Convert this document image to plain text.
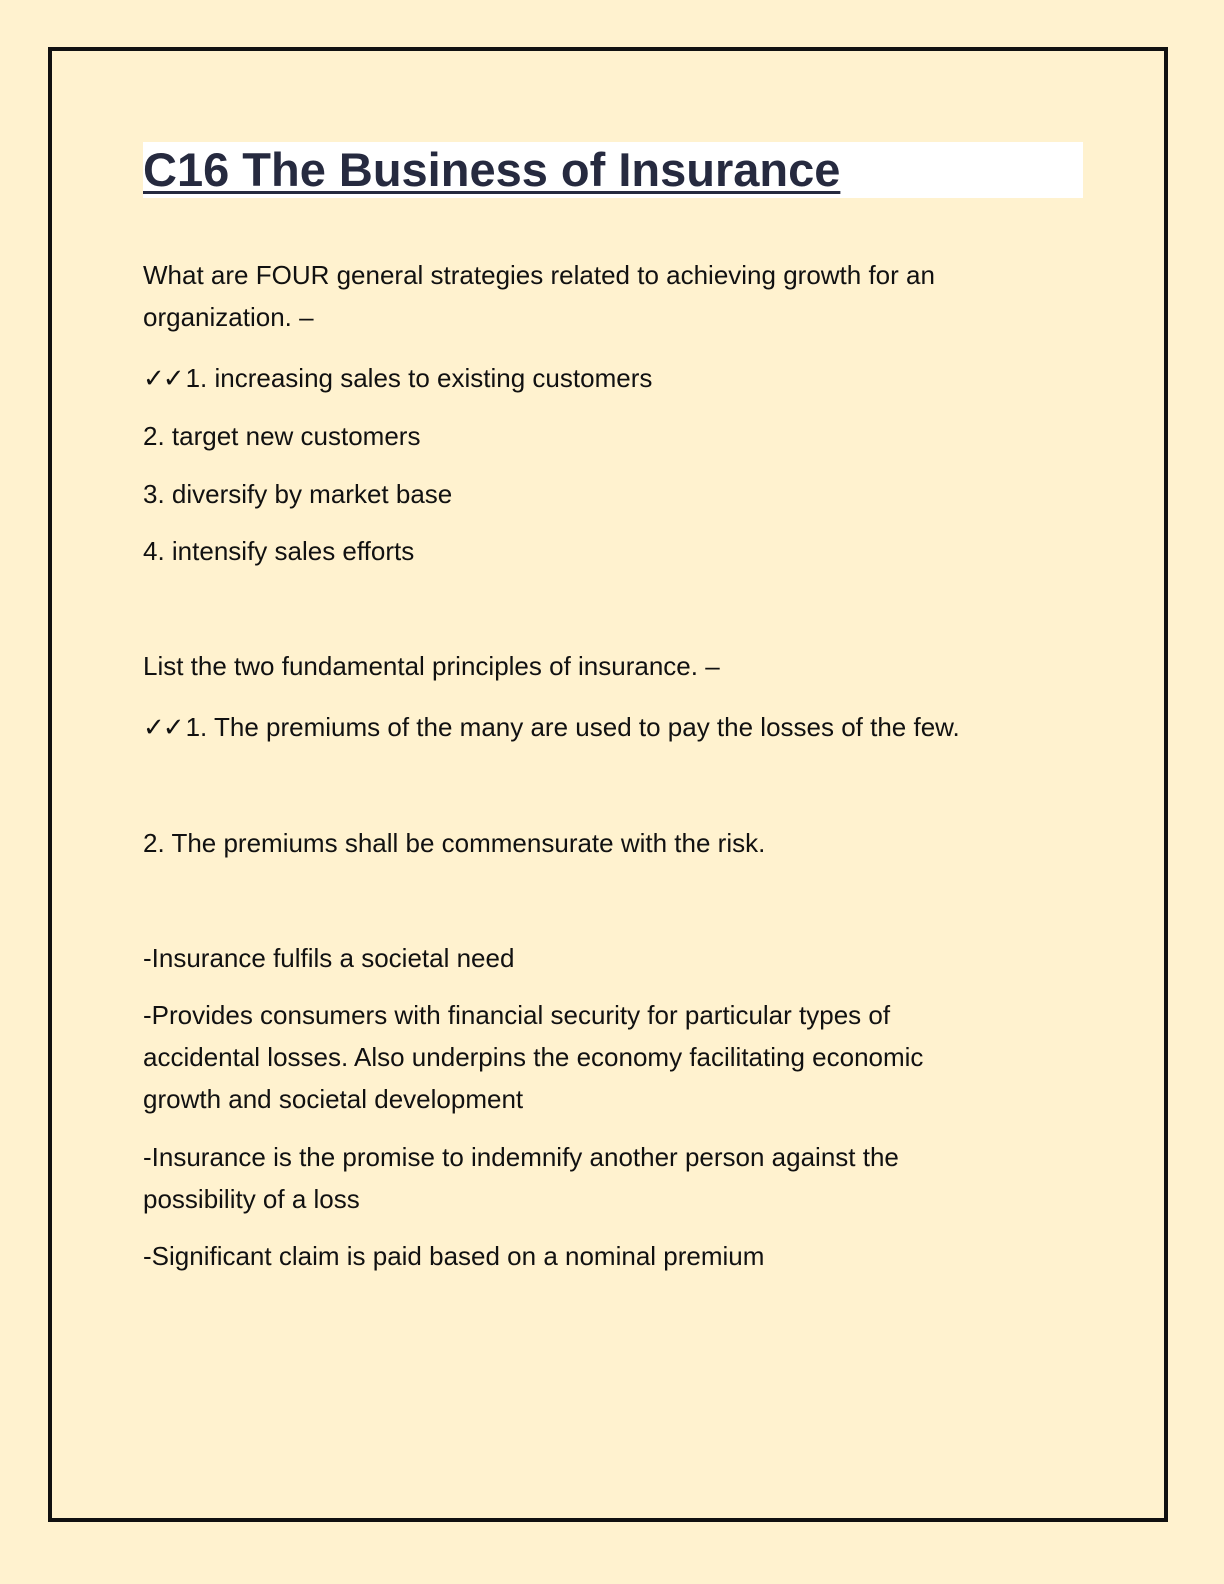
C16 The Business of Insurance

What are FOUR general strategies related to achieving growth for an

organization. –

✓✓ 1. increasing sales to existing customers

2. target new customers

3. diversify by market base

4. intensify sales efforts

List the two fundamental principles of insurance. –

✓✓ 1. The premiums of the many are used to pay the losses of the few.

2. The premiums shall be commensurate with the risk.

-Insurance fulfils a societal need

-Provides consumers with financial security for particular types of

accidental losses. Also underpins the economy facilitating economic

growth and societal development

-Insurance is the promise to indemnify another person against the

possibility of a loss

-Significant claim is paid based on a nominal premium
